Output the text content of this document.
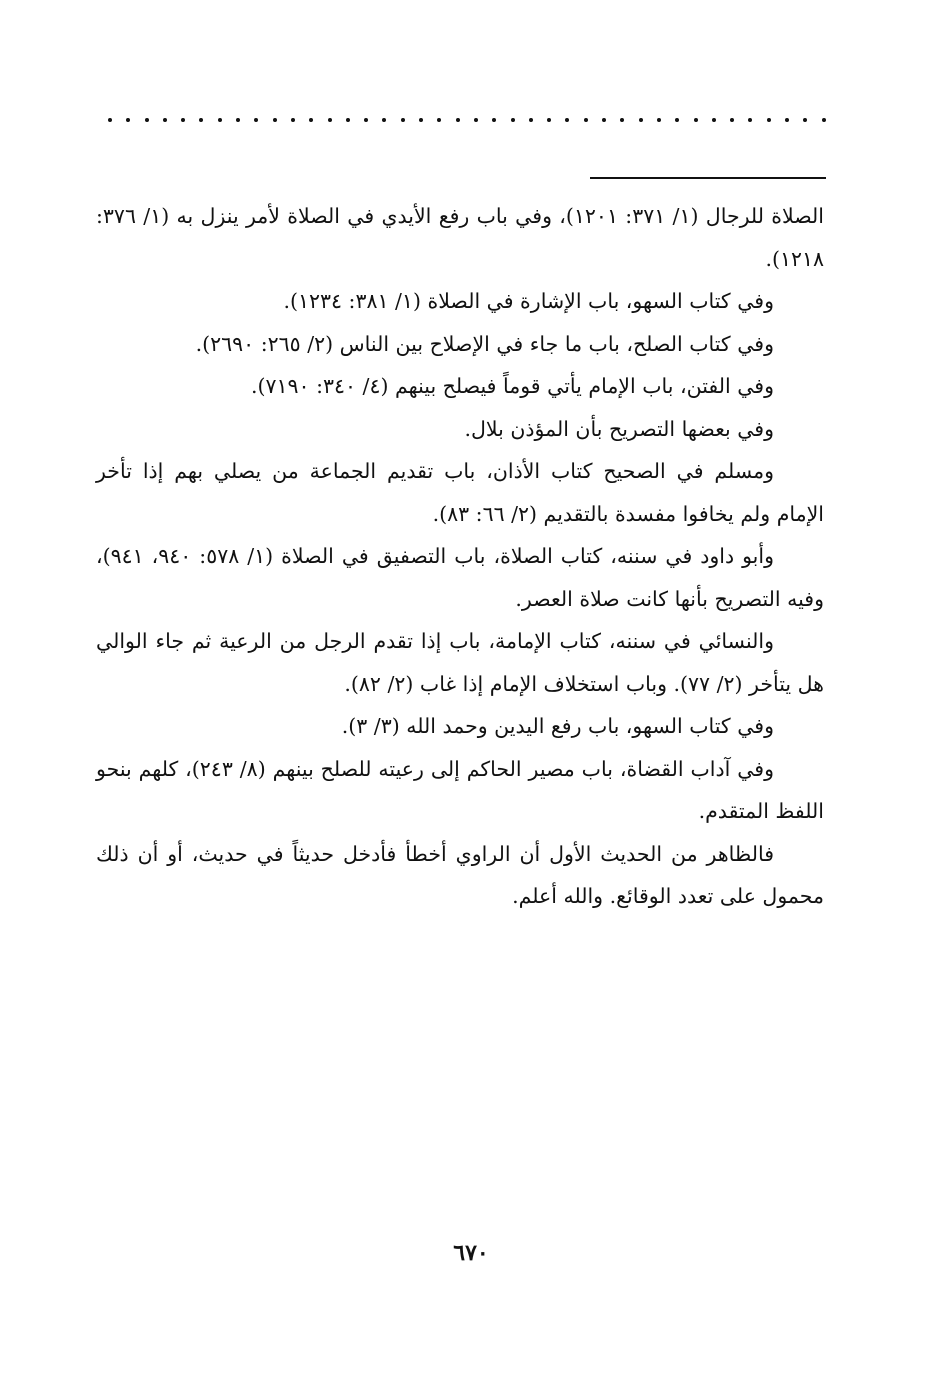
الصلاة للرجال (١/ ٣٧١: ١٢٠١)، وفي باب رفع الأيدي في الصلاة لأمر ينزل به (١/ ٣٧٦: ١٢١٨).

وفي كتاب السهو، باب الإشارة في الصلاة (١/ ٣٨١: ١٢٣٤).

وفي كتاب الصلح، باب ما جاء في الإصلاح بين الناس (٢/ ٢٦٥: ٢٦٩٠).

وفي الفتن، باب الإمام يأتي قوماً فيصلح بينهم (٤/ ٣٤٠: ٧١٩٠).

وفي بعضها التصريح بأن المؤذن بلال.

ومسلم في الصحيح كتاب الأذان، باب تقديم الجماعة من يصلي بهم إذا تأخر الإمام ولم يخافوا مفسدة بالتقديم (٢/ ٦٦: ٨٣).

وأبو داود في سننه، كتاب الصلاة، باب التصفيق في الصلاة (١/ ٥٧٨: ٩٤٠، ٩٤١)، وفيه التصريح بأنها كانت صلاة العصر.

والنسائي في سننه، كتاب الإمامة، باب إذا تقدم الرجل من الرعية ثم جاء الوالي هل يتأخر (٢/ ٧٧). وباب استخلاف الإمام إذا غاب (٢/ ٨٢).

وفي كتاب السهو، باب رفع اليدين وحمد الله (٣/ ٣).

وفي آداب القضاة، باب مصير الحاكم إلى رعيته للصلح بينهم (٨/ ٢٤٣)، كلهم بنحو اللفظ المتقدم.

فالظاهر من الحديث الأول أن الراوي أخطأ فأدخل حديثاً في حديث، أو أن ذلك محمول على تعدد الوقائع. والله أعلم.

٦٧٠
